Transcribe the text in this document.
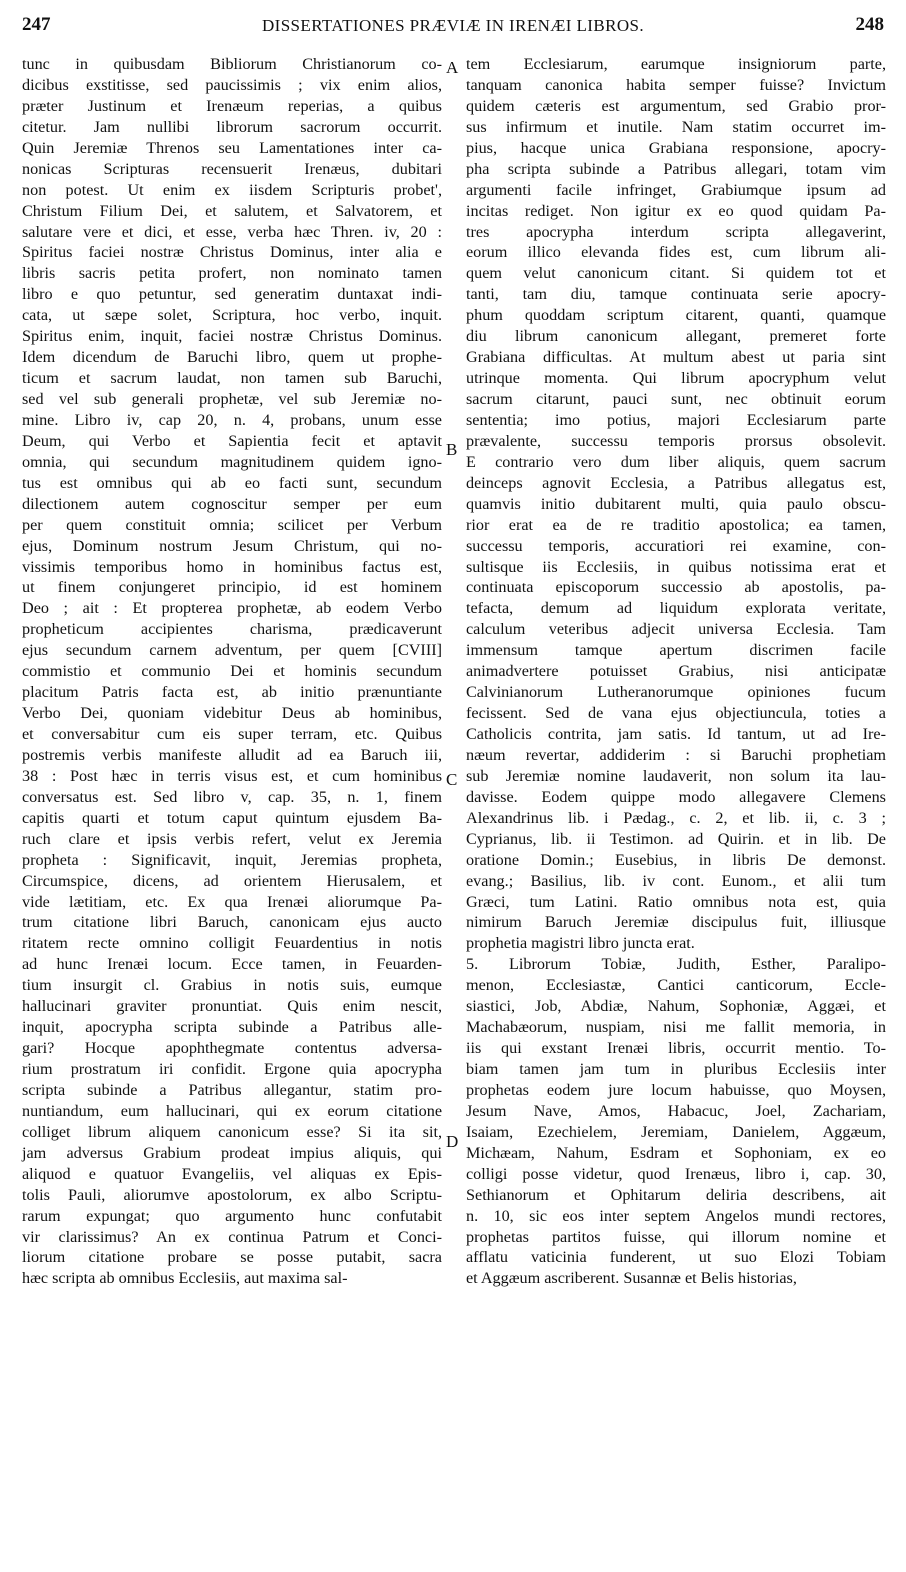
247	DISSERTATIONES PRÆVIÆ IN IRENÆI LIBROS.	248
A
B
C
D
tunc in quibusdam Bibliorum Christianorum co-
dicibus exstitisse, sed paucissimis ; vix enim alios,
præter Justinum et Irenæum reperias, a quibus
citetur. Jam nullibi librorum sacrorum occurrit.
Quin Jeremiæ Threnos seu Lamentationes inter ca-
nonicas Scripturas recensuerit Irenæus, dubitari
non potest. Ut enim ex iisdem Scripturis probet',
Christum Filium Dei, et salutem, et Salvatorem, et
salutare vere et dici, et esse, verba hæc Thren. iv, 20 :
Spiritus faciei nostræ Christus Dominus, inter alia e
libris sacris petita profert, non nominato tamen
libro e quo petuntur, sed generatim duntaxat indi-
cata, ut sæpe solet, Scriptura, hoc verbo, inquit.
Spiritus enim, inquit, faciei nostræ Christus Dominus.
Idem dicendum de Baruchi libro, quem ut prophe-
ticum et sacrum laudat, non tamen sub Baruchi,
sed vel sub generali prophetæ, vel sub Jeremiæ no-
mine. Libro iv, cap 20, n. 4, probans, unum esse
Deum, qui Verbo et Sapientia fecit et aptavit
omnia, qui secundum magnitudinem quidem igno-
tus est omnibus qui ab eo facti sunt, secundum
dilectionem autem cognoscitur semper per eum
per quem constituit omnia; scilicet per Verbum
ejus, Dominum nostrum Jesum Christum, qui no-
vissimis temporibus homo in hominibus factus est,
ut finem conjungeret principio, id est hominem
Deo ; ait : Et propterea prophetæ, ab eodem Verbo
propheticum accipientes charisma, prædicaverunt
ejus secundum carnem adventum, per quem [CVIII]
commistio et communio Dei et hominis secundum
placitum Patris facta est, ab initio prænuntiante
Verbo Dei, quoniam videbitur Deus ab hominibus,
et conversabitur cum eis super terram, etc. Quibus
postremis verbis manifeste alludit ad ea Baruch iii,
38 : Post hæc in terris visus est, et cum hominibus
conversatus est. Sed libro v, cap. 35, n. 1, finem
capitis quarti et totum caput quintum ejusdem Ba-
ruch clare et ipsis verbis refert, velut ex Jeremia
propheta : Significavit, inquit, Jeremias propheta,
Circumspice, dicens, ad orientem Hierusalem, et
vide lætitiam, etc. Ex qua Irenæi aliorumque Pa-
trum citatione libri Baruch, canonicam ejus aucto
ritatem recte omnino colligit Feuardentius in notis
ad hunc Irenæi locum. Ecce tamen, in Feuarden-
tium insurgit cl. Grabius in notis suis, eumque
hallucinari graviter pronuntiat. Quis enim nescit,
inquit, apocrypha scripta subinde a Patribus alle-
gari? Hocque apophthegmate contentus adversa-
rium prostratum iri confidit. Ergone quia apocrypha
scripta subinde a Patribus allegantur, statim pro-
nuntiandum, eum hallucinari, qui ex eorum citatione
colliget librum aliquem canonicum esse? Si ita sit,
jam adversus Grabium prodeat impius aliquis, qui
aliquod e quatuor Evangeliis, vel aliquas ex Epis-
tolis Pauli, aliorumve apostolorum, ex albo Scriptu-
rarum expungat; quo argumento hunc confutabit
vir clarissimus? An ex continua Patrum et Conci-
liorum citatione probare se posse putabit, sacra
hæc scripta ab omnibus Ecclesiis, aut maxima sal-
tem Ecclesiarum, earumque insigniorum parte,
tanquam canonica habita semper fuisse? Invictum
quidem cæteris est argumentum, sed Grabio pror-
sus infirmum et inutile. Nam statim occurret im-
pius, hacque unica Grabiana responsione, apocry-
pha scripta subinde a Patribus allegari, totam vim
argumenti facile infringet, Grabiumque ipsum ad
incitas rediget. Non igitur ex eo quod quidam Pa-
tres apocrypha interdum scripta allegaverint,
eorum illico elevanda fides est, cum librum ali-
quem velut canonicum citant. Si quidem tot et
tanti, tam diu, tamque continuata serie apocry-
phum quoddam scriptum citarent, quanti, quamque
diu librum canonicum allegant, premeret forte
Grabiana difficultas. At multum abest ut paria sint
utrinque momenta. Qui librum apocryphum velut
sacrum citarunt, pauci sunt, nec obtinuit eorum
sententia; imo potius, majori Ecclesiarum parte
prævalente, successu temporis prorsus obsolevit.
E contrario vero dum liber aliquis, quem sacrum
deinceps agnovit Ecclesia, a Patribus allegatus est,
quamvis initio dubitarent multi, quia paulo obscu-
rior erat ea de re traditio apostolica; ea tamen,
successu temporis, accuratiori rei examine, con-
sultisque iis Ecclesiis, in quibus notissima erat et
continuata episcoporum successio ab apostolis, pa-
tefacta, demum ad liquidum explorata veritate,
calculum veteribus adjecit universa Ecclesia. Tam
immensum tamque apertum discrimen facile
animadvertere potuisset Grabius, nisi anticipatæ
Calvinianorum Lutheranorumque opiniones fucum
fecissent. Sed de vana ejus objectiuncula, toties a
Catholicis contrita, jam satis. Id tantum, ut ad Ire-
næum revertar, addiderim : si Baruchi prophetiam
sub Jeremiæ nomine laudaverit, non solum ita lau-
davisse. Eodem quippe modo allegavere Clemens
Alexandrinus lib. i Pædag., c. 2, et lib. ii, c. 3 ;
Cyprianus, lib. ii Testimon. ad Quirin. et in lib. De
oratione Domin.; Eusebius, in libris De demonst.
evang.; Basilius, lib. iv cont. Eunom., et alii tum
Græci, tum Latini. Ratio omnibus nota est, quia
nimirum Baruch Jeremiæ discipulus fuit, illiusque
prophetia magistri libro juncta erat.
5. Librorum Tobiæ, Judith, Esther, Paralipo-
menon, Ecclesiastæ, Cantici canticorum, Eccle-
siastici, Job, Abdiæ, Nahum, Sophoniæ, Aggæi, et
Machabæorum, nuspiam, nisi me fallit memoria, in
iis qui exstant Irenæi libris, occurrit mentio. To-
biam tamen jam tum in pluribus Ecclesiis inter
prophetas eodem jure locum habuisse, quo Moysen,
Jesum Nave, Amos, Habacuc, Joel, Zachariam,
Isaiam, Ezechielem, Jeremiam, Danielem, Aggæum,
Michæam, Nahum, Esdram et Sophoniam, ex eo
colligi posse videtur, quod Irenæus, libro i, cap. 30,
Sethianorum et Ophitarum deliria describens, ait
n. 10, sic eos inter septem Angelos mundi rectores,
prophetas partitos fuisse, qui illorum nomine et
afflatu vaticinia funderent, ut suo Elozi Tobiam
et Aggæum ascriberent. Susannæ et Belis historias,
